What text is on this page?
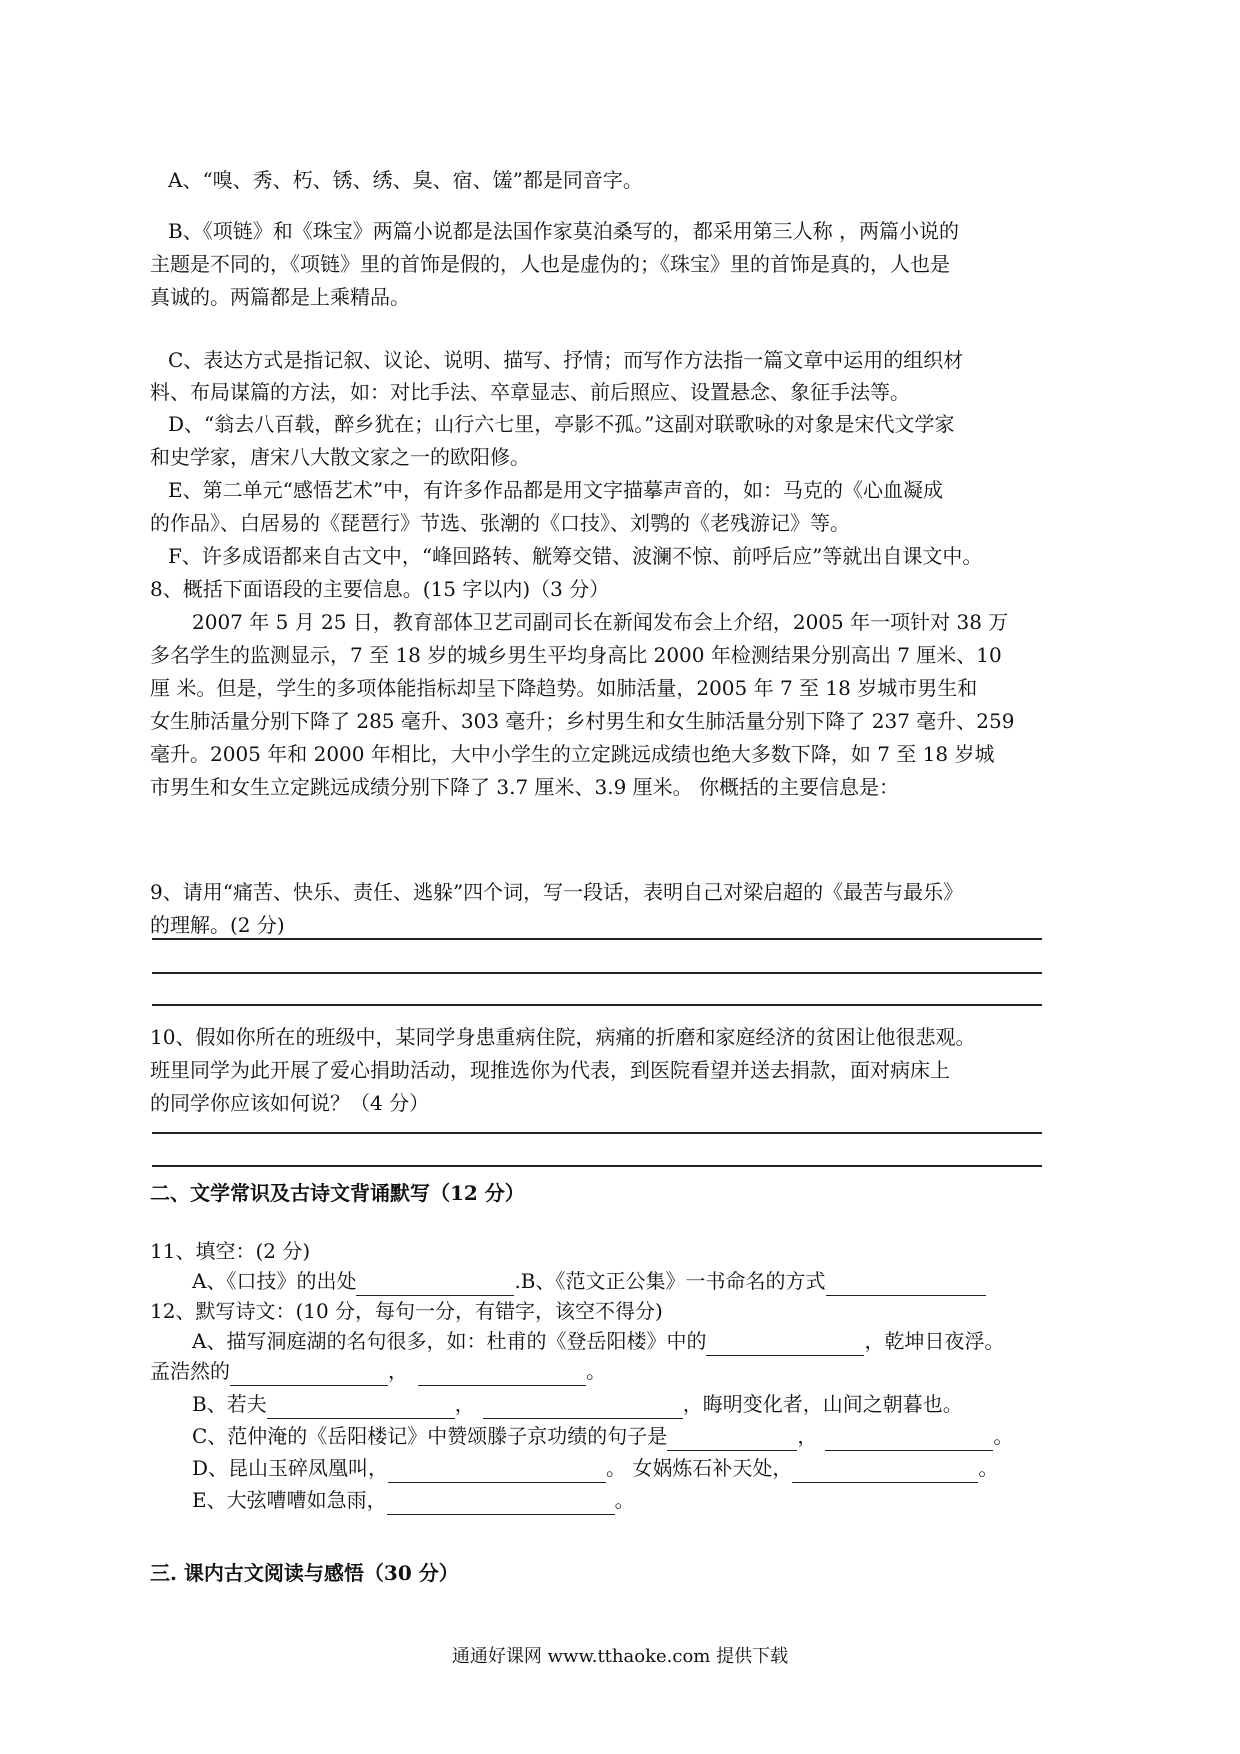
A、“嗅、秀、朽、锈、绣、臭、宿、馐”都是同音字。
B、《项链》和《珠宝》两篇小说都是法国作家莫泊桑写的，都采用第三人称 ，两篇小说的
主题是不同的，《项链》里的首饰是假的，人也是虚伪的；《珠宝》里的首饰是真的，人也是
真诚的。两篇都是上乘精品。
C、表达方式是指记叙、议论、说明、描写、抒情；而写作方法指一篇文章中运用的组织材
料、布局谋篇的方法，如：对比手法、卒章显志、前后照应、设置悬念、象征手法等。
D、“翁去八百载，醉乡犹在；山行六七里，亭影不孤。”这副对联歌咏的对象是宋代文学家
和史学家，唐宋八大散文家之一的欧阳修。
E、第二单元“感悟艺术”中，有许多作品都是用文字描摹声音的，如：马克的《心血凝成
的作品》、白居易的《琵琶行》节选、张潮的《口技》、刘鹗的《老残游记》等。
F、许多成语都来自古文中，“峰回路转、觥筹交错、波澜不惊、前呼后应”等就出自课文中。
8、概括下面语段的主要信息。(15 字以内)（3 分）
2007 年 5 月 25 日，教育部体卫艺司副司长在新闻发布会上介绍，2005 年一项针对 38 万
多名学生的监测显示，7 至 18 岁的城乡男生平均身高比 2000 年检测结果分别高出 7 厘米、10
厘 米。但是，学生的多项体能指标却呈下降趋势。如肺活量，2005 年 7 至 18 岁城市男生和
女生肺活量分别下降了 285 毫升、303 毫升；乡村男生和女生肺活量分别下降了 237 毫升、259
毫升。2005 年和 2000 年相比，大中小学生的立定跳远成绩也绝大多数下降，如 7 至 18 岁城
市男生和女生立定跳远成绩分别下降了 3.7 厘米、3.9 厘米。 你概括的主要信息是：
9、请用“痛苦、快乐、责任、逃躲”四个词，写一段话，表明自己对梁启超的《最苦与最乐》
的理解。(2 分)
10、假如你所在的班级中，某同学身患重病住院，病痛的折磨和家庭经济的贫困让他很悲观。
班里同学为此开展了爱心捐助活动，现推选你为代表，到医院看望并送去捐款，面对病床上
的同学你应该如何说？（4 分）
二、文学常识及古诗文背诵默写（12 分）
11、填空：(2 分)
A、《口技》的出处	.B、《范文正公集》一书命名的方式
12、默写诗文：(10 分，每句一分，有错字，该空不得分)
A、描写洞庭湖的名句很多，如：杜甫的《登岳阳楼》中的	，乾坤日夜浮。
孟浩然的	，	。
B、若夫	，	，晦明变化者，山间之朝暮也。
C、范仲淹的《岳阳楼记》中赞颂滕子京功绩的句子是	，	。
D、昆山玉碎凤凰叫，	。 女娲炼石补天处，	。
E、大弦嘈嘈如急雨，	。
三. 课内古文阅读与感悟（30 分）
通通好课网 www.tthaoke.com 提供下载
